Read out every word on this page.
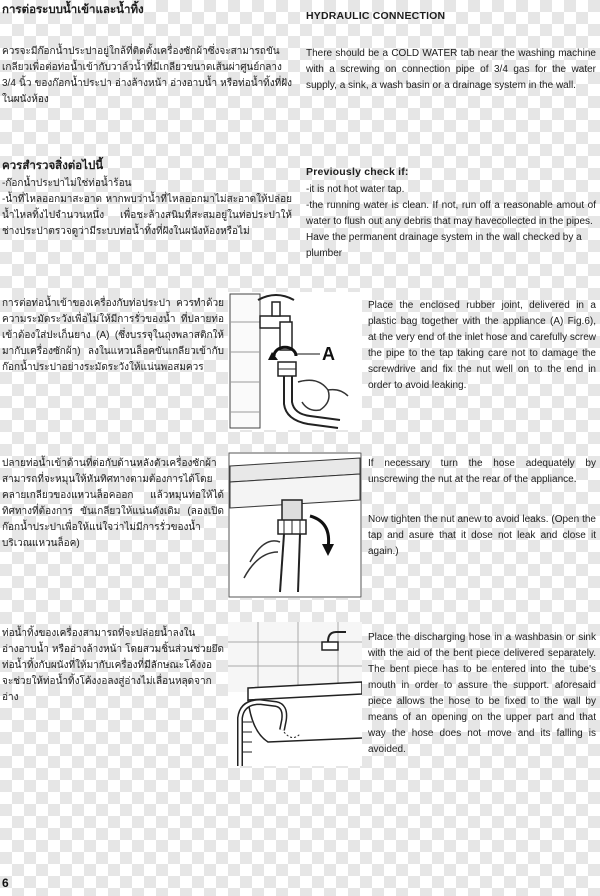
การต่อระบบน้ำเข้าและน้ำทิ้ง
ควรจะมีก๊อกน้ำประปาอยู่ใกล้ที่ติดตั้งเครื่องซักผ้าซึ่งจะสามารถขันเกลียวเพื่อต่อท่อน้ำเข้ากับวาล์วน้ำที่มีเกลียวขนาดเส้นผ่าศูนย์กลาง 3/4 นิ้ว ของก๊อกน้ำประปา อ่างล้างหน้า อ่างอาบน้ำ หรือท่อน้ำทิ้งที่ฝังในผนังห้อง
HYDRAULIC CONNECTION
There should be a COLD WATER tab near the washing machine with a screwing on connection pipe of 3/4 gas for the water supply, a sink, a wash basin or a drainage system in the wall.
ควรสำรวจสิ่งต่อไปนี้

-ก๊อกน้ำประปาไม่ใช่ท่อน้ำร้อน

-น้ำที่ไหลออกมาสะอาด หากพบว่าน้ำที่ไหลออกมาไม่สะอาดให้ปล่อยน้ำไหลทิ้งไปจำนวนหนึ่ง เพื่อชะล้างสนิมที่สะสมอยู่ในท่อประปาให้ช่างประปาตรวจดูว่ามีระบบท่อน้ำทิ้งที่ฝังในผนังห้องหรือไม่

Previously check if:

-it is not hot water tap.

-the running water is clean. If not, run off a reasonable amout of water to flush out any debris that may havecollected in the pipes.

Have the permanent drainage system in the wall checked by a plumber

การต่อท่อน้ำเข้าของเครื่องกับท่อประปา ควรทำด้วยความระมัดระวังเพื่อไม่ให้มีการรั่วของน้ำ ที่ปลายท่อเข้าต้องใส่ปะเก็นยาง (A) (ซึ่งบรรจุในถุงพลาสติกให้มากับเครื่องซักผ้า) ลงในแหวนล็อคขันเกลียวเข้ากับก๊อกน้ำประปาอย่างระมัดระวังให้แน่นพอสมควร
A
Place the enclosed rubber joint, delivered in a plastic bag together with the appliance (A) Fig.6), at the very end of the inlet hose and carefully screw the pipe to the tap taking care not to damage the screwdrive and fix the nut well on to the end in order to avoid leaking.
ปลายท่อน้ำเข้าด้านที่ต่อกับด้านหลังตัวเครื่องซักผ้าสามารถที่จะหมุนให้หันทิศทางตามต้องการได้โดยคลายเกลียวของแหวนล็อคออก แล้วหมุนท่อให้ได้ทิศทางที่ต้องการ ขันเกลียวให้แน่นดังเดิม (ลองเปิดก๊อกน้ำประปาเพื่อให้แน่ใจว่าไม่มีการรั่วของน้ำบริเวณแหวนล็อค)
If necessary turn the hose adequately by unscrewing the nut at the rear of the appliance.
Now tighten the nut anew to avoid leaks. (Open the tap and asure that it dose not leak and close it again.)
ท่อน้ำทิ้งของเครื่องสามารถที่จะปล่อยน้ำลงในอ่างอาบน้ำ หรืออ่างล้างหน้า โดยสวมชิ้นส่วนช่วยยึดท่อน้ำทิ้งกับผนังที่ให้มากับเครื่องที่มีลักษณะโค้งงอ จะช่วยให้ท่อน้ำทิ้งโค้งงอลงสู่อ่างไม่เลื่อนหลุดจากอ่าง
Place the discharging hose in a washbasin or sink with the aid of the bent piece delivered separately. The bent piece has to be entered into the tube's mouth in order to assure the support. aforesaid piece allows the hose to be fixed to the wall by means of an opening on the upper part and that way the hose does not move and its falling is avoided.
6
